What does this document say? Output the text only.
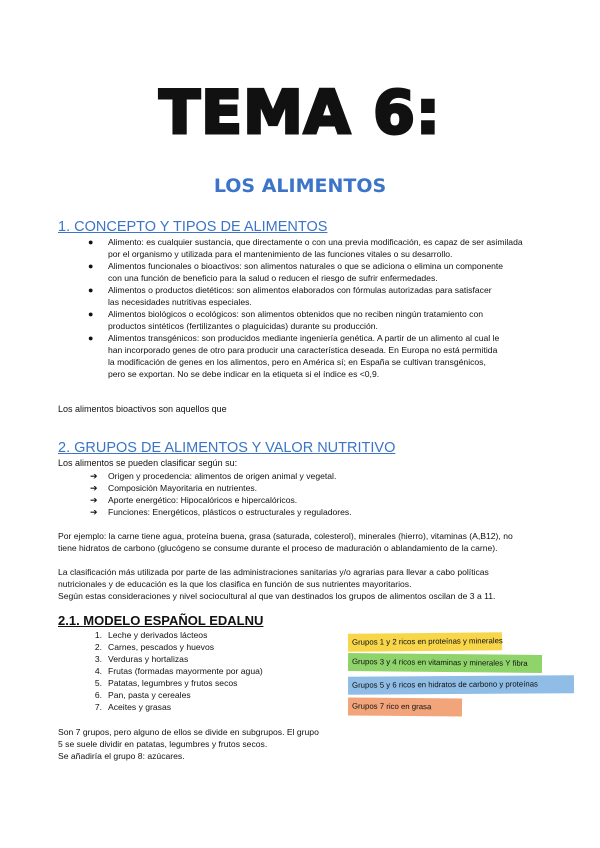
TEMA 6:
LOS ALIMENTOS
1. CONCEPTO Y TIPOS DE ALIMENTOS
● Alimento: es cualquier sustancia, que directamente o con una previa modificación, es capaz de ser asimilada
por el organismo y utilizada para el mantenimiento de las funciones vitales o su desarrollo.
● Alimentos funcionales o bioactivos: son alimentos naturales o que se adiciona o elimina un componente
con una función de beneficio para la salud o reducen el riesgo de sufrir enfermedades.
● Alimentos o productos dietéticos: son alimentos elaborados con fórmulas autorizadas para satisfacer
las necesidades nutritivas especiales.
● Alimentos biológicos o ecológicos: son alimentos obtenidos que no reciben ningún tratamiento con
productos sintéticos (fertilizantes o plaguicidas) durante su producción.
● Alimentos transgénicos: son producidos mediante ingeniería genética. A partir de un alimento al cual le
han incorporado genes de otro para producir una característica deseada. En Europa no está permitida
la modificación de genes en los alimentos, pero en América sí; en España se cultivan transgénicos,
pero se exportan. No se debe indicar en la etiqueta si el índice es <0,9.
Los alimentos bioactivos son aquellos que
2. GRUPOS DE ALIMENTOS Y VALOR NUTRITIVO
Los alimentos se pueden clasificar según su:
➔ Origen y procedencia: alimentos de origen animal y vegetal.
➔ Composición Mayoritaria en nutrientes.
➔ Aporte energético: Hipocalóricos e hipercalóricos.
➔ Funciones: Energéticos, plásticos o estructurales y reguladores.
Por ejemplo: la carne tiene agua, proteína buena, grasa (saturada, colesterol), minerales (hierro), vitaminas (A,B12), no
tiene hidratos de carbono (glucógeno se consume durante el proceso de maduración o ablandamiento de la carne).
La clasificación más utilizada por parte de las administraciones sanitarias y/o agrarias para llevar a cabo políticas
nutricionales y de educación es la que los clasifica en función de sus nutrientes mayoritarios.
Según estas consideraciones y nivel sociocultural al que van destinados los grupos de alimentos oscilan de 3 a 11.
2.1. MODELO ESPAÑOL EDALNU
1. Leche y derivados lácteos
2. Carnes, pescados y huevos
3. Verduras y hortalizas
4. Frutas (formadas mayormente por agua)
5. Patatas, legumbres y frutos secos
6. Pan, pasta y cereales
7. Aceites y grasas
Grupos 1 y 2 ricos en proteínas y minerales
Grupos 3 y 4 ricos en vitaminas y minerales Y fibra
Grupos 5 y 6 ricos en hidratos de carbono y proteínas
Grupos 7 rico en grasa
Son 7 grupos, pero alguno de ellos se divide en subgrupos. El grupo
5 se suele dividir en patatas, legumbres y frutos secos.
Se añadiría el grupo 8: azúcares.
